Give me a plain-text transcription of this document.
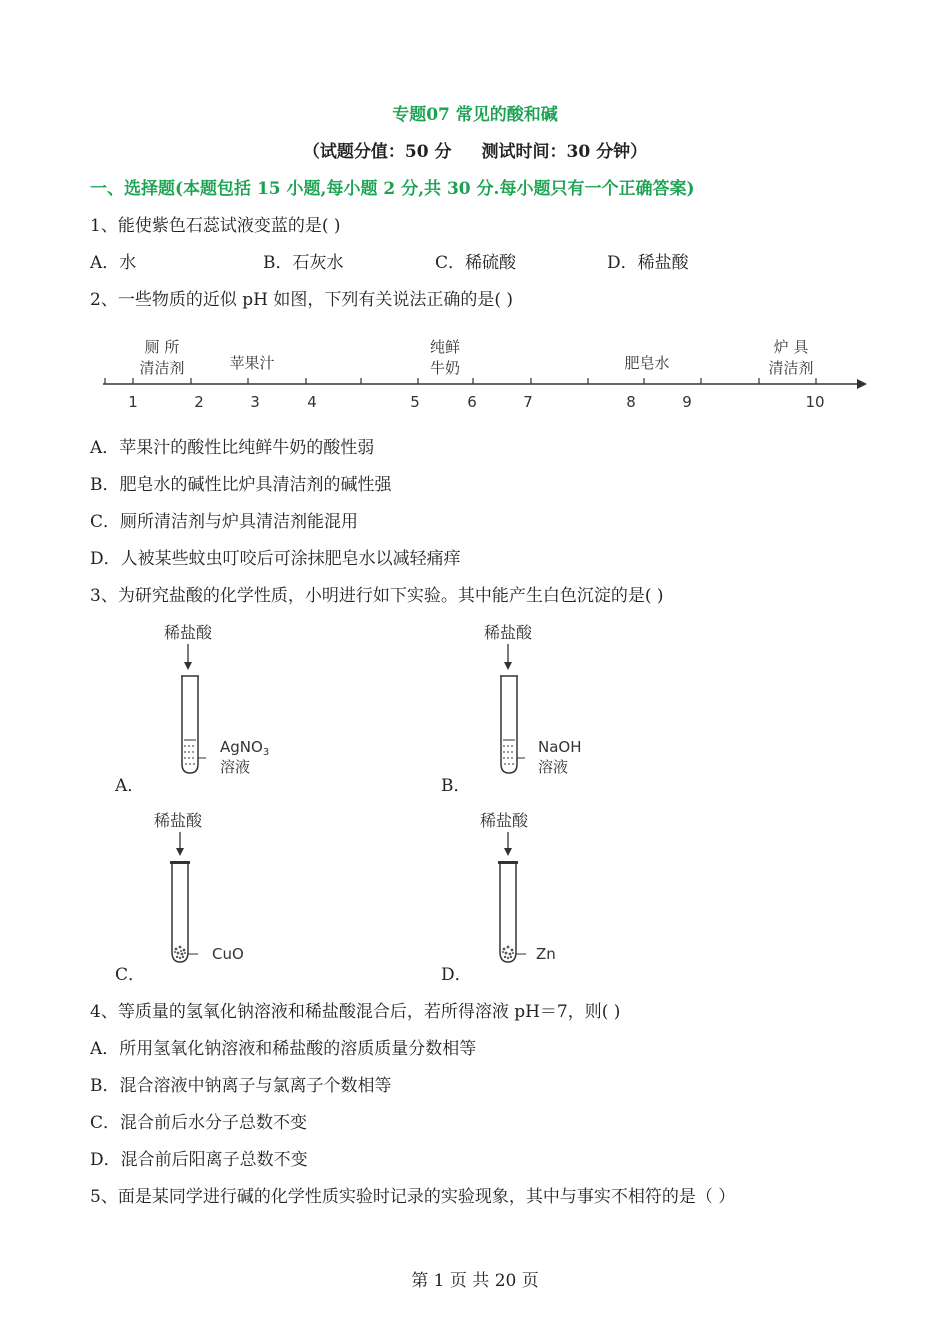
专题07 常见的酸和碱
（试题分值：50 分 测试时间：30 分钟）
一、选择题(本题包括 15 小题,每小题 2 分,共 30 分.每小题只有一个正确答案)
1、能使紫色石蕊试液变蓝的是( )
A．水	B．石灰水	C．稀硫酸	D．稀盐酸
2、一些物质的近似 pH 如图，下列有关说法正确的是( )
1	2	3	4	5	6	7	8	9	10
厕 所
清洁剂	苹果汁
纯鲜
牛奶	肥皂水
炉 具
清洁剂
A．苹果汁的酸性比纯鲜牛奶的酸性弱
B．肥皂水的碱性比炉具清洁剂的碱性强
C．厕所清洁剂与炉具清洁剂能混用
D．人被某些蚊虫叮咬后可涂抹肥皂水以减轻痛痒
3、为研究盐酸的化学性质，小明进行如下实验。其中能产生白色沉淀的是( )
稀盐酸
AgNO$_3$
溶液
A．
稀盐酸
NaOH
溶液
B．
稀盐酸
CuO
C．
稀盐酸
Zn
D．
4、等质量的氢氧化钠溶液和稀盐酸混合后，若所得溶液 pH＝7，则( )
A．所用氢氧化钠溶液和稀盐酸的溶质质量分数相等
B．混合溶液中钠离子与氯离子个数相等
C．混合前后水分子总数不变
D．混合前后阳离子总数不变
5、面是某同学进行碱的化学性质实验时记录的实验现象，其中与事实不相符的是（ ）
第 1 页 共 20 页
